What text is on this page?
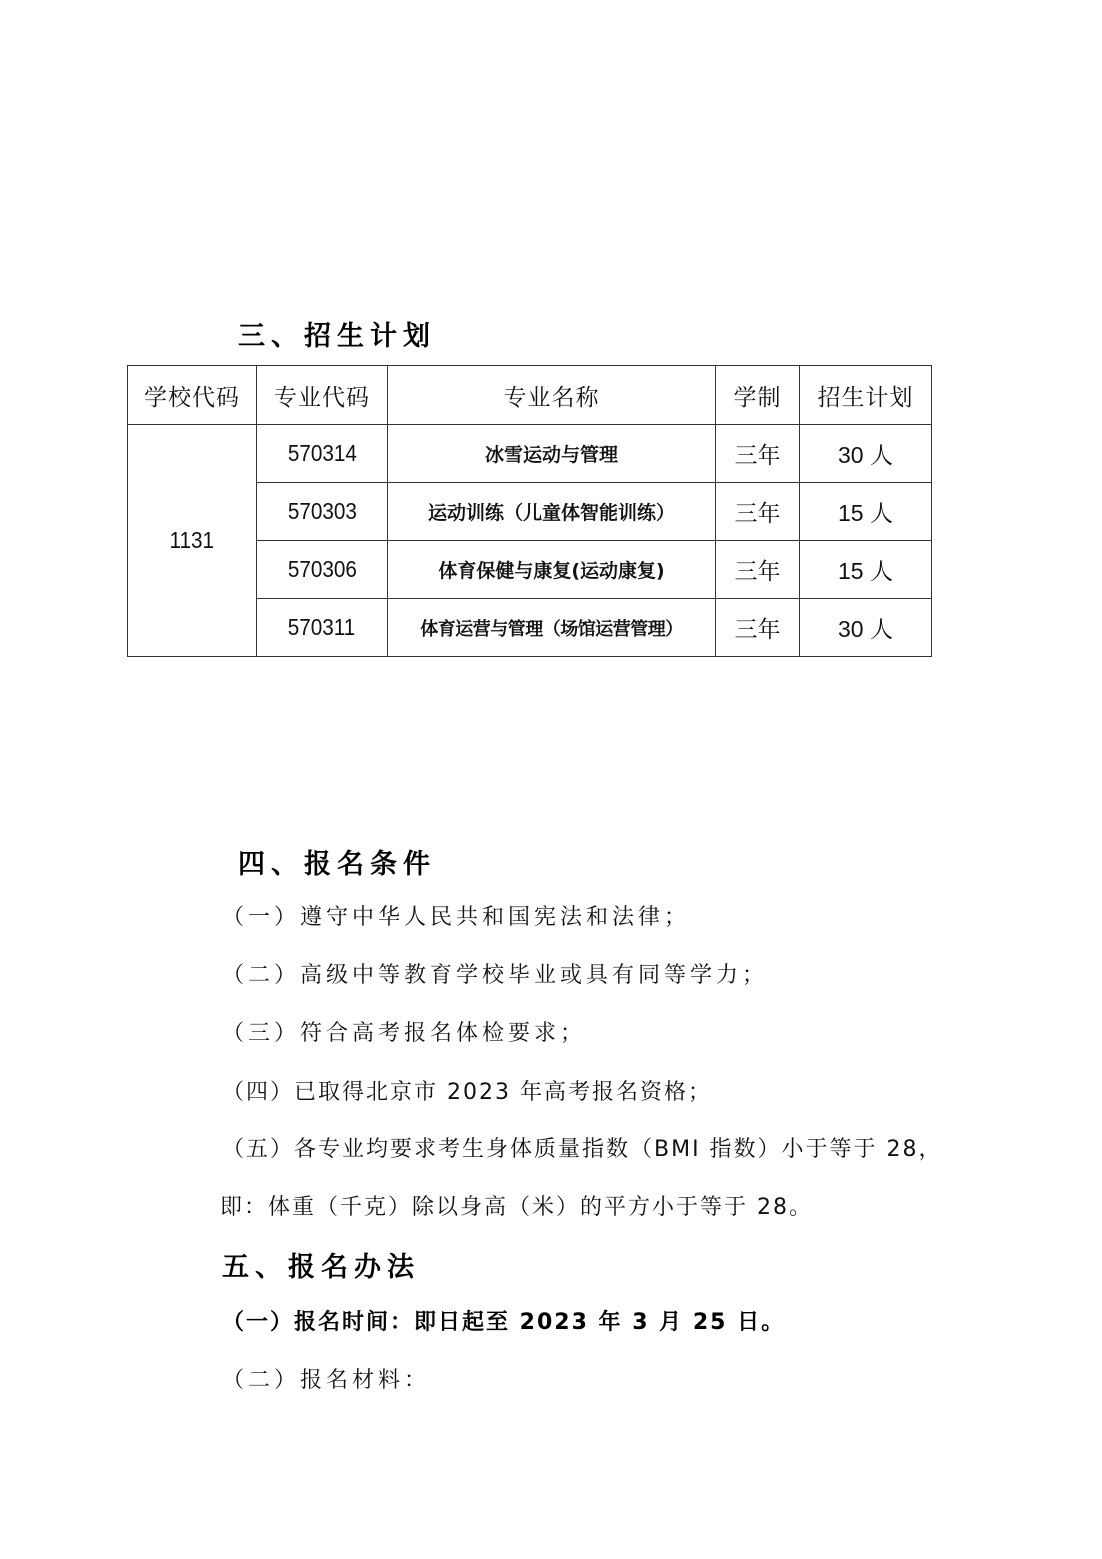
三、招生计划
学校代码	专业代码	专业名称	学制	招生计划
1131	570314	冰雪运动与管理	三年	30 人
	570303	运动训练（儿童体智能训练）	三年	15 人
	570306	体育保健与康复(运动康复)	三年	15 人
	570311	体育运营与管理（场馆运营管理）	三年	30 人
四、报名条件
（一）遵守中华人民共和国宪法和法律；
（二）高级中等教育学校毕业或具有同等学力；
（三）符合高考报名体检要求；
（四）已取得北京市 2023 年高考报名资格；
（五）各专业均要求考生身体质量指数（BMI 指数）小于等于 28，
即：体重（千克）除以身高（米）的平方小于等于 28。
五、报名办法
（一）报名时间：即日起至 2023 年 3 月 25 日。
（二）报名材料：
